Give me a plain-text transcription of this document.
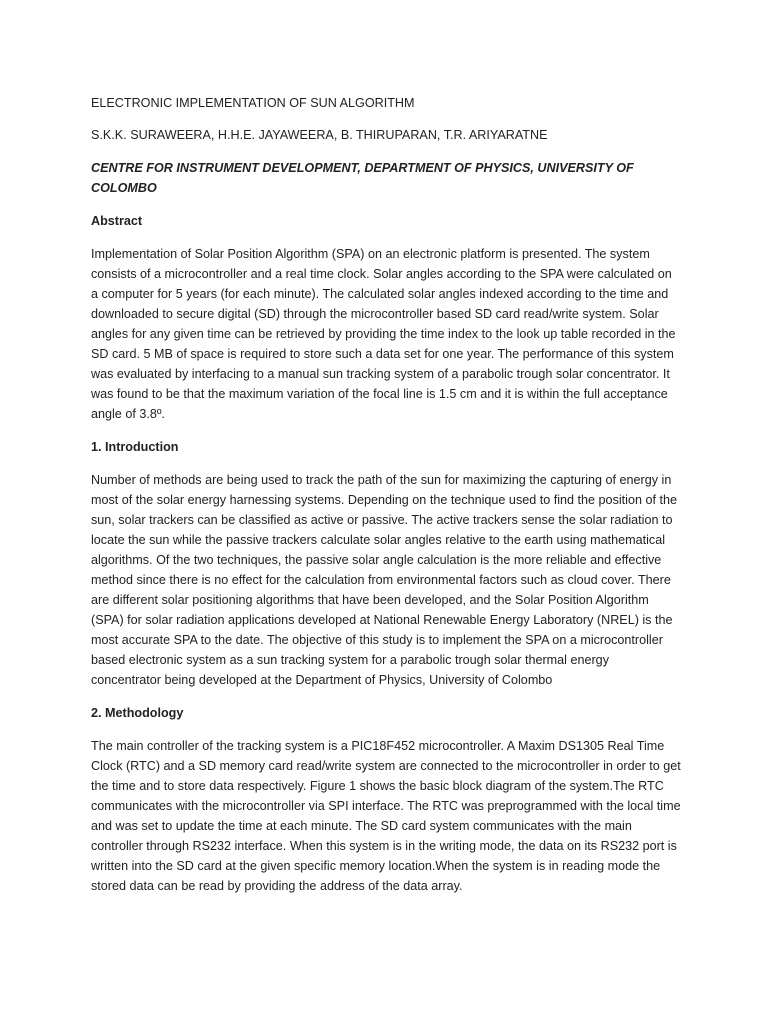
ELECTRONIC IMPLEMENTATION OF SUN ALGORITHM

S.K.K. SURAWEERA, H.H.E. JAYAWEERA, B. THIRUPARAN, T.R. ARIYARATNE

CENTRE FOR INSTRUMENT DEVELOPMENT, DEPARTMENT OF PHYSICS, UNIVERSITY OF COLOMBO

Abstract

Implementation of Solar Position Algorithm (SPA) on an electronic platform is presented. The system consists of a microcontroller and a real time clock. Solar angles according to the SPA were calculated on a computer for 5 years (for each minute). The calculated solar angles indexed according to the time and downloaded to secure digital (SD) through the microcontroller based SD card read/write system. Solar angles for any given time can be retrieved by providing the time index to the look up table recorded in the SD card. 5 MB of space is required to store such a data set for one year. The performance of this system was evaluated by interfacing to a manual sun tracking system of a parabolic trough solar concentrator. It was found to be that the maximum variation of the focal line is 1.5 cm and it is within the full acceptance angle of 3.8º.

1. Introduction

Number of methods are being used to track the path of the sun for maximizing the capturing of energy in most of the solar energy harnessing systems. Depending on the technique used to find the position of the sun, solar trackers can be classified as active or passive. The active trackers sense the solar radiation to locate the sun while the passive trackers calculate solar angles relative to the earth using mathematical algorithms. Of the two techniques, the passive solar angle calculation is the more reliable and effective method since there is no effect for the calculation from environmental factors such as cloud cover. There are different solar positioning algorithms that have been developed, and the Solar Position Algorithm (SPA) for solar radiation applications developed at National Renewable Energy Laboratory (NREL) is the most accurate SPA to the date. The objective of this study is to implement the SPA on a microcontroller based electronic system as a sun tracking system for a parabolic trough solar thermal energy concentrator being developed at the Department of Physics, University of Colombo

2. Methodology

The main controller of the tracking system is a PIC18F452 microcontroller. A Maxim DS1305 Real Time Clock (RTC) and a SD memory card read/write system are connected to the microcontroller in order to get the time and to store data respectively. Figure 1 shows the basic block diagram of the system.The RTC communicates with the microcontroller via SPI interface. The RTC was preprogrammed with the local time and was set to update the time at each minute. The SD card system communicates with the main controller through RS232 interface. When this system is in the writing mode, the data on its RS232 port is written into the SD card at the given specific memory location.When the system is in reading mode the stored data can be read by providing the address of the data array.
